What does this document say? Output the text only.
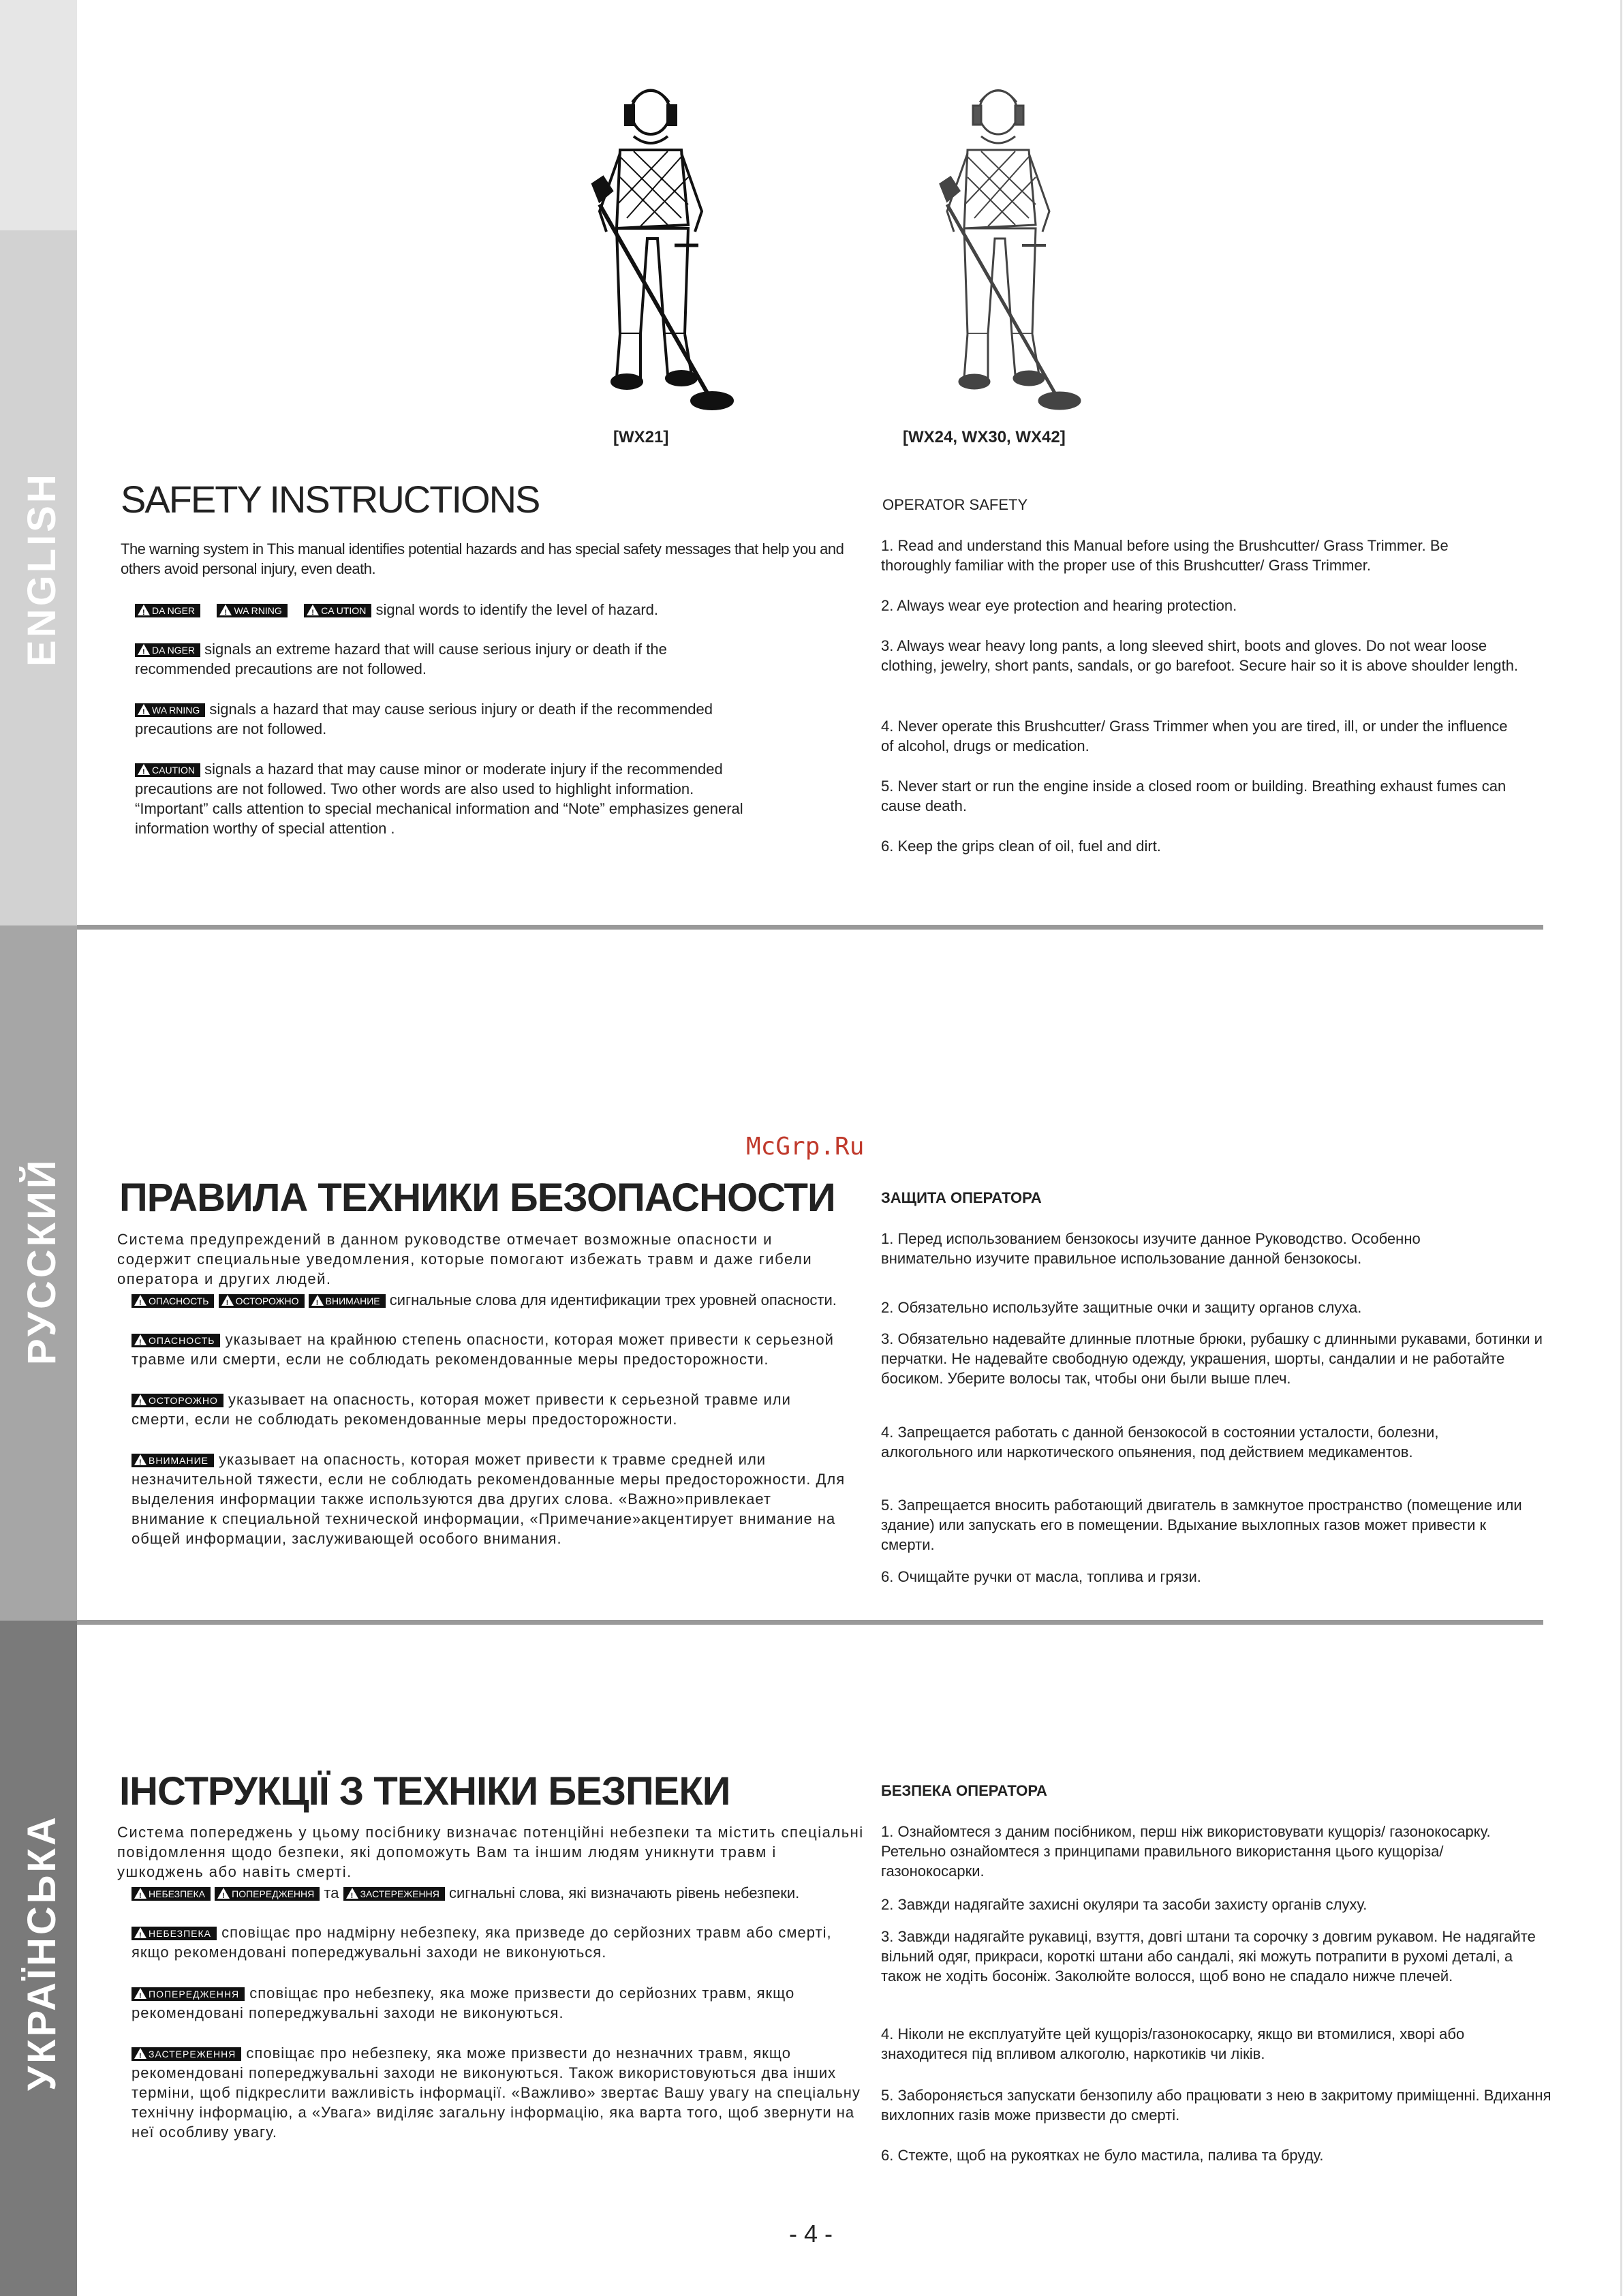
ENGLISH
РУССКИЙ
УКРАЇНСЬКА
[WX21]	[WX24, WX30, WX42]
SAFETY INSTRUCTIONS
The warning system in This manual identifies potential hazards and has special safety messages that help you and others avoid personal injury, even death.
!DA NGER !	WA RNING !	CA UTION signal words to identify the level of hazard.
!DA NGER signals an extreme hazard that will cause serious injury or death if the recommended precautions are not followed.
!WA RNING signals a hazard that may cause serious injury or death if the recommended precautions are not followed.
!CAUTION signals a hazard that may cause minor or moderate injury if the recommended precautions are not followed. Two other words are also used to highlight information. “Important” calls attention to special mechanical information and “Note” emphasizes general information worthy of special attention .
OPERATOR SAFETY
1. Read and understand this Manual before using the Brushcutter/ Grass Trimmer. Be thoroughly familiar with the proper use of this Brushcutter/ Grass Trimmer.
2. Always wear eye protection and hearing protection.
3. Always wear heavy long pants, a long sleeved shirt, boots and gloves. Do not wear loose clothing, jewelry, short pants, sandals, or go barefoot. Secure hair so it is above shoulder length.
4. Never operate this Brushcutter/ Grass Trimmer when you are tired, ill, or under the influence of alcohol, drugs or medication.
5. Never start or run the engine inside a closed room or building. Breathing exhaust fumes can cause death.
6. Keep the grips clean of oil, fuel and dirt.
McGrp.Ru
ПРАВИЛА ТЕХНИКИ БЕЗОПАСНОСТИ
Система предупреждений в данном руководстве отмечает возможные опасности и содержит специальные уведомления, которые помогают избежать травм и даже гибели оператора и других людей.
!ОПАСНОСТЬ !	ОСТОРОЖНО !	ВНИМАНИЕ сигнальные слова для идентификации трех уровней опасности.
!ОПАСНОСТЬ указывает на крайнюю степень опасности, которая может привести к серьезной травме или смерти, если не соблюдать рекомендованные меры предосторожности.
!ОСТОРОЖНО указывает на опасность, которая может привести к серьезной травме или смерти, если не соблюдать рекомендованные меры предосторожности.
!ВНИМАНИЕ указывает на опасность, которая может привести к травме средней или незначительной тяжести, если не соблюдать рекомендованные меры предосторожности. Для выделения информации также используются два других слова. «Важно»привлекает внимание к специальной технической информации, «Примечание»акцентирует внимание на общей информации, заслуживающей особого внимания.
ЗАЩИТА ОПЕРАТОРА
1. Перед использованием бензокосы изучите данное Руководство. Особенно внимательно изучите правильное использование данной бензокосы.
2. Обязательно используйте защитные очки и защиту органов слуха.
3. Обязательно надевайте длинные плотные брюки, рубашку с длинными рукавами, ботинки и перчатки. Не надевайте свободную одежду, украшения, шорты, сандалии и не работайте босиком. Уберите волосы так, чтобы они были выше плеч.
4. Запрещается работать с данной бензокосой в состоянии усталости, болезни, алкогольного или наркотического опьянения, под действием медикаментов.
5. Запрещается вносить работающий двигатель в замкнутое пространство (помещение или здание) или запускать его в помещении. Вдыхание выхлопных газов может привести к смерти.
6. Очищайте ручки от масла, топлива и грязи.
ІНСТРУКЦІЇ З ТЕХНІКИ БЕЗПЕКИ
Система попереджень у цьому посібнику визначає потенційні небезпеки та містить спеціальні повідомлення щодо безпеки, які допоможуть Вам та іншим людям уникнути травм і ушкоджень або навіть смерті.
!НЕБЕЗПЕКА !	ПОПЕРЕДЖЕННЯ та ! ЗАСТЕРЕЖЕННЯ сигнальні слова, які визначають рівень небезпеки.
!НЕБЕЗПЕКА сповіщає про надмірну небезпеку, яка призведе до серйозних травм або смерті, якщо рекомендовані попереджувальні заходи не виконуються.
!ПОПЕРЕДЖЕННЯ сповіщає про небезпеку, яка може призвести до серйозних травм, якщо рекомендовані попереджувальні заходи не виконуються.
!ЗАСТЕРЕЖЕННЯ сповіщає про небезпеку, яка може призвести до незначних травм, якщо рекомендовані попереджувальні заходи не виконуються. Також використовуються два інших терміни, щоб підкреслити важливість інформації. «Важливо» звертає Вашу увагу на спеціальну технічну інформацію, а «Увага» виділяє загальну інформацію, яка варта того, щоб звернути на неї особливу увагу.
БЕЗПЕКА ОПЕРАТОРА
1. Ознайомтеся з даним посібником, перш ніж використовувати кущоріз/ газонокосарку. Ретельно ознайомтеся з принципами правильного використання цього кущоріза/газонокосарки.
2. Завжди надягайте захисні окуляри та засоби захисту органів слуху.
3. Завжди надягайте рукавиці, взуття, довгі штани та сорочку з довгим рукавом. Не надягайте вільний одяг, прикраси, короткі штани або сандалі, які можуть потрапити в рухомі деталі, а також не ходіть босоніж. Заколюйте волосся, щоб воно не спадало нижче плечей.
4. Ніколи не експлуатуйте цей кущоріз/газонокосарку, якщо ви втомилися, хворі або знаходитеся під впливом алкоголю, наркотиків чи ліків.
5. Забороняється запускати бензопилу або працювати з нею в закритому приміщенні. Вдихання вихлопних газів може призвести до смерті.
6. Стежте, щоб на рукоятках не було мастила, палива та бруду.
- 4 -
